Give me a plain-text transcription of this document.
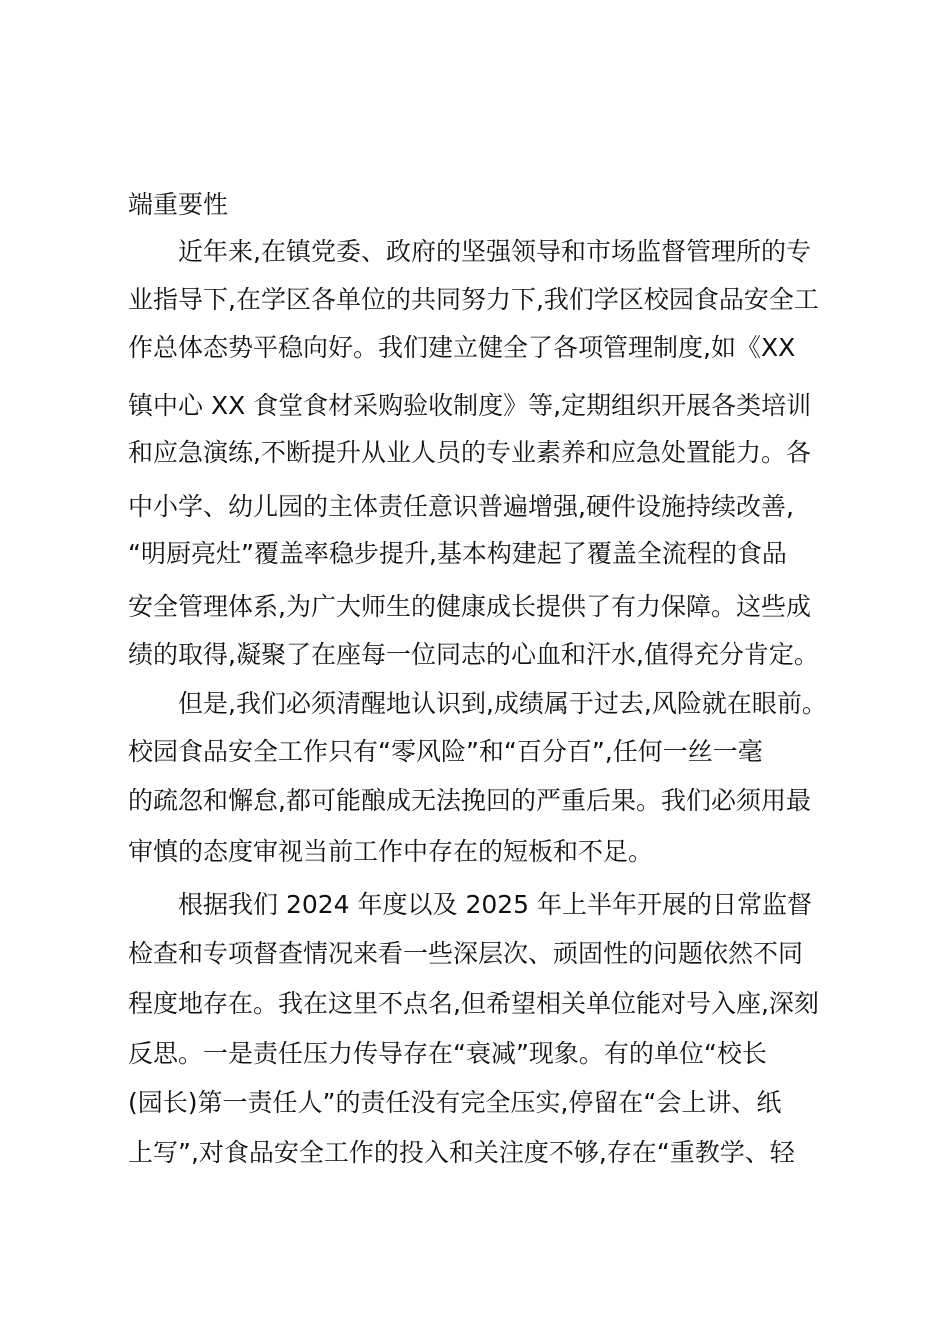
端重要性
近年来,在镇党委、政府的坚强领导和市场监督管理所的专
业指导下,在学区各单位的共同努力下,我们学区校园食品安全工
作总体态势平稳向好。我们建立健全了各项管理制度,如《XX
镇中心 XX 食堂食材采购验收制度》等,定期组织开展各类培训
和应急演练,不断提升从业人员的专业素养和应急处置能力。各
中小学、幼儿园的主体责任意识普遍增强,硬件设施持续改善,
“明厨亮灶”覆盖率稳步提升,基本构建起了覆盖全流程的食品
安全管理体系,为广大师生的健康成长提供了有力保障。这些成
绩的取得,凝聚了在座每一位同志的心血和汗水,值得充分肯定。
但是,我们必须清醒地认识到,成绩属于过去,风险就在眼前。
校园食品安全工作只有“零风险”和“百分百”,任何一丝一毫
的疏忽和懈怠,都可能酿成无法挽回的严重后果。我们必须用最
审慎的态度审视当前工作中存在的短板和不足。
根据我们 2024 年度以及 2025 年上半年开展的日常监督
检查和专项督查情况来看一些深层次、顽固性的问题依然不同
程度地存在。我在这里不点名,但希望相关单位能对号入座,深刻
反思。一是责任压力传导存在“衰减”现象。有的单位“校长
(园长)第一责任人”的责任没有完全压实,停留在“会上讲、纸
上写”,对食品安全工作的投入和关注度不够,存在“重教学、轻
